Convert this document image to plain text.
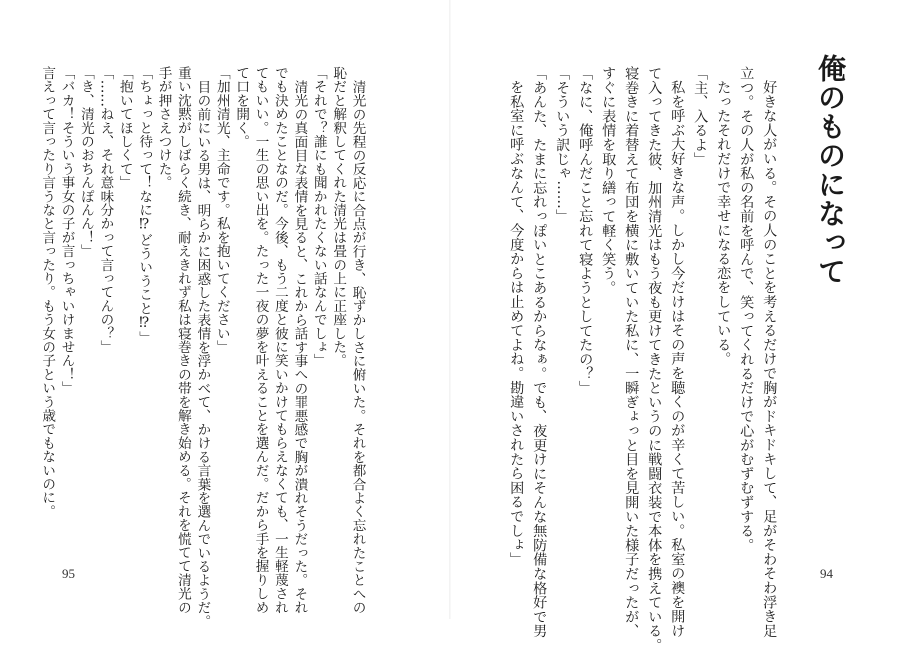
俺のものになって
好きな人がいる。その人のことを考えるだけで胸がドキドキして、足がそわそわ浮き足
立つ。その人が私の名前を呼んで、笑ってくれるだけで心がむずむずする。
たったそれだけで幸せになる恋をしている。
「主、入るよ」
私を呼ぶ大好きな声。しかし今だけはその声を聴くのが辛くて苦しい。私室の襖を開け
て入ってきた彼、加州清光はもう夜も更けてきたというのに戦闘衣装で本体を携えている。
寝巻きに着替えて布団を横に敷いていた私に、一瞬ぎょっと目を見開いた様子だったが、
すぐに表情を取り繕って軽く笑う。
「なに、俺呼んだこと忘れて寝ようとしてたの？」
「そういう訳じゃ……」
「あんた、たまに忘れっぽいとこあるからなぁ。でも、夜更けにそんな無防備な格好で男
を私室に呼ぶなんて、今度からは止めてよね。勘違いされたら困るでしょ」
94
95	清光の先程の反応に合点が行き、恥ずかしさに俯いた。それを都合よく忘れたことへの
恥だと解釈してくれた清光は畳の上に正座した。
「それで？誰にも聞かれたくない話なんでしょ」
清光の真面目な表情を見ると、これから話す事への罪悪感で胸が潰れそうだった。それ
でも決めたことなのだ。今後、もう二度と彼に笑いかけてもらえなくても、一生軽蔑され
てもいい。一生の思い出を。たった一夜の夢を叶えることを選んだ。だから手を握りしめ
て口を開く。
「加州清光、主命です。私を抱いてください」
目の前にいる男は、明らかに困惑した表情を浮かべて、かける言葉を選んでいるようだ。
重い沈黙がしばらく続き、耐えきれず私は寝巻きの帯を解き始める。それを慌てて清光の
手が押さえつけた。
「ちょっと待って！なに⁉どういうこと⁉」
「抱いてほしくて」
「……ねえ、それ意味分かって言ってんの？」
「き、清光のおちんぽんん！」
「バカ！そういう事女の子が言っちゃいけません！」
言えって言ったり言うなと言ったり。もう女の子という歳でもないのに。
